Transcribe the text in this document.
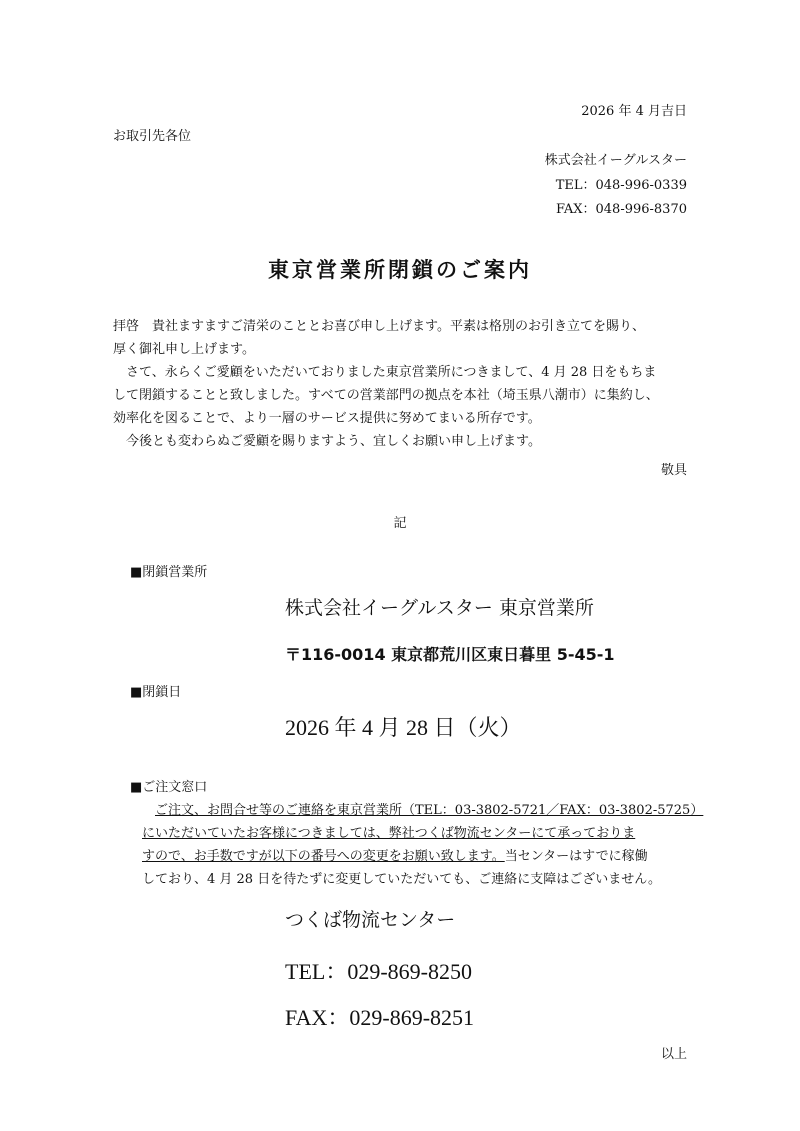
2026 年 4 月吉日
お取引先各位
株式会社イーグルスター
TEL：048-996-0339
FAX：048-996-8370
東京営業所閉鎖のご案内

拝啓　貴社ますますご清栄のこととお喜び申し上げます。平素は格別のお引き立てを賜り、

厚く御礼申し上げます。

さて、永らくご愛顧をいただいておりました東京営業所につきまして、4 月 28 日をもちま

して閉鎖することと致しました。すべての営業部門の拠点を本社（埼玉県八潮市）に集約し、

効率化を図ることで、より一層のサービス提供に努めてまいる所存です。

今後とも変わらぬご愛顧を賜りますよう、宜しくお願い申し上げます。

敬具
記
■閉鎖営業所
株式会社イーグルスター 東京営業所
〒116-0014 東京都荒川区東日暮里 5-45-1
■閉鎖日
2026 年 4 月 28 日（火）
■ご注文窓口

ご注文、お問合せ等のご連絡を東京営業所（TEL：03-3802-5721／FAX：03-3802-5725）

にいただいていたお客様につきましては、弊社つくば物流センターにて承っておりま

すので、お手数ですが以下の番号への変更をお願い致します。当センターはすでに稼働

しており、4 月 28 日を待たずに変更していただいても、ご連絡に支障はございません。

つくば物流センター
TEL：029-869-8250
FAX：029-869-8251
以上
